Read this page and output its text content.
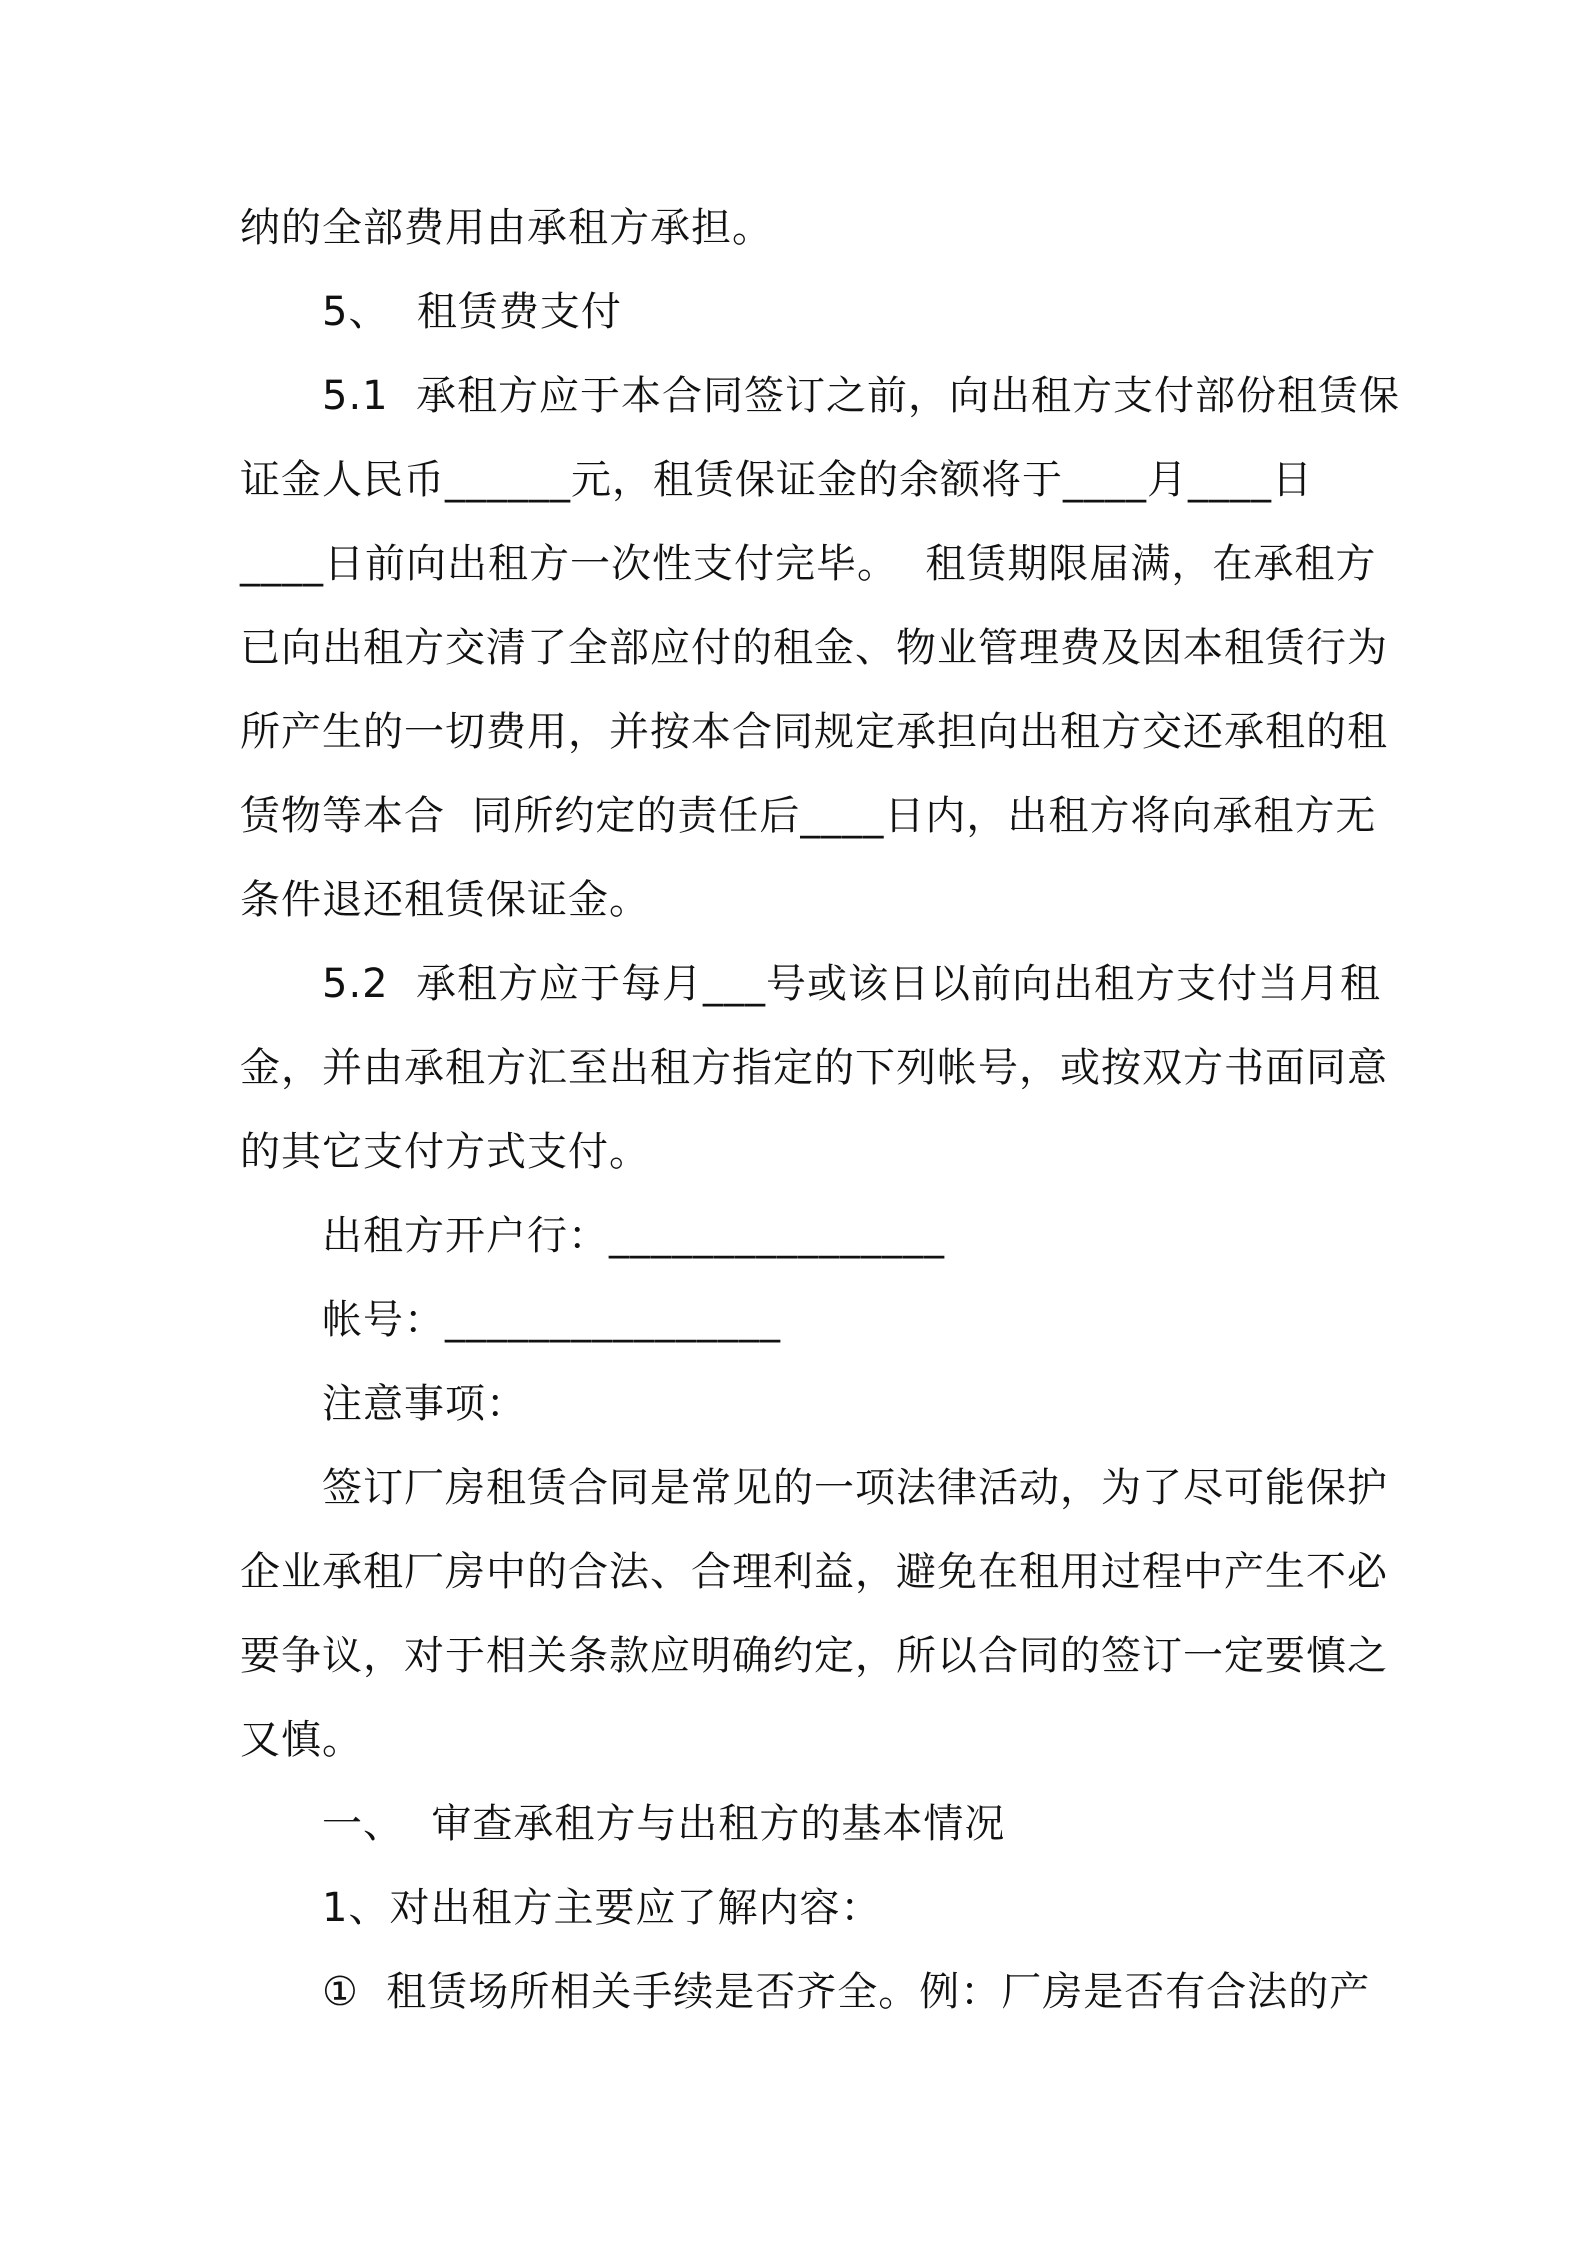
纳的全部费用由承租方承担。
5、  租赁费支付
5.1  承租方应于本合同签订之前，向出租方支付部份租赁保
证金人民币______元，租赁保证金的余额将于____月____日
____日前向出租方一次性支付完毕。  租赁期限届满，在承租方
已向出租方交清了全部应付的租金、物业管理费及因本租赁行为
所产生的一切费用，并按本合同规定承担向出租方交还承租的租
赁物等本合  同所约定的责任后____日内，出租方将向承租方无
条件退还租赁保证金。
5.2  承租方应于每月___号或该日以前向出租方支付当月租
金，并由承租方汇至出租方指定的下列帐号，或按双方书面同意
的其它支付方式支付。
出租方开户行：________________
帐号：________________
注意事项：
签订厂房租赁合同是常见的一项法律活动，为了尽可能保护
企业承租厂房中的合法、合理利益，避免在租用过程中产生不必
要争议，对于相关条款应明确约定，所以合同的签订一定要慎之
又慎。
一、  审查承租方与出租方的基本情况
1、对出租方主要应了解内容：
①  租赁场所相关手续是否齐全。例：厂房是否有合法的产
